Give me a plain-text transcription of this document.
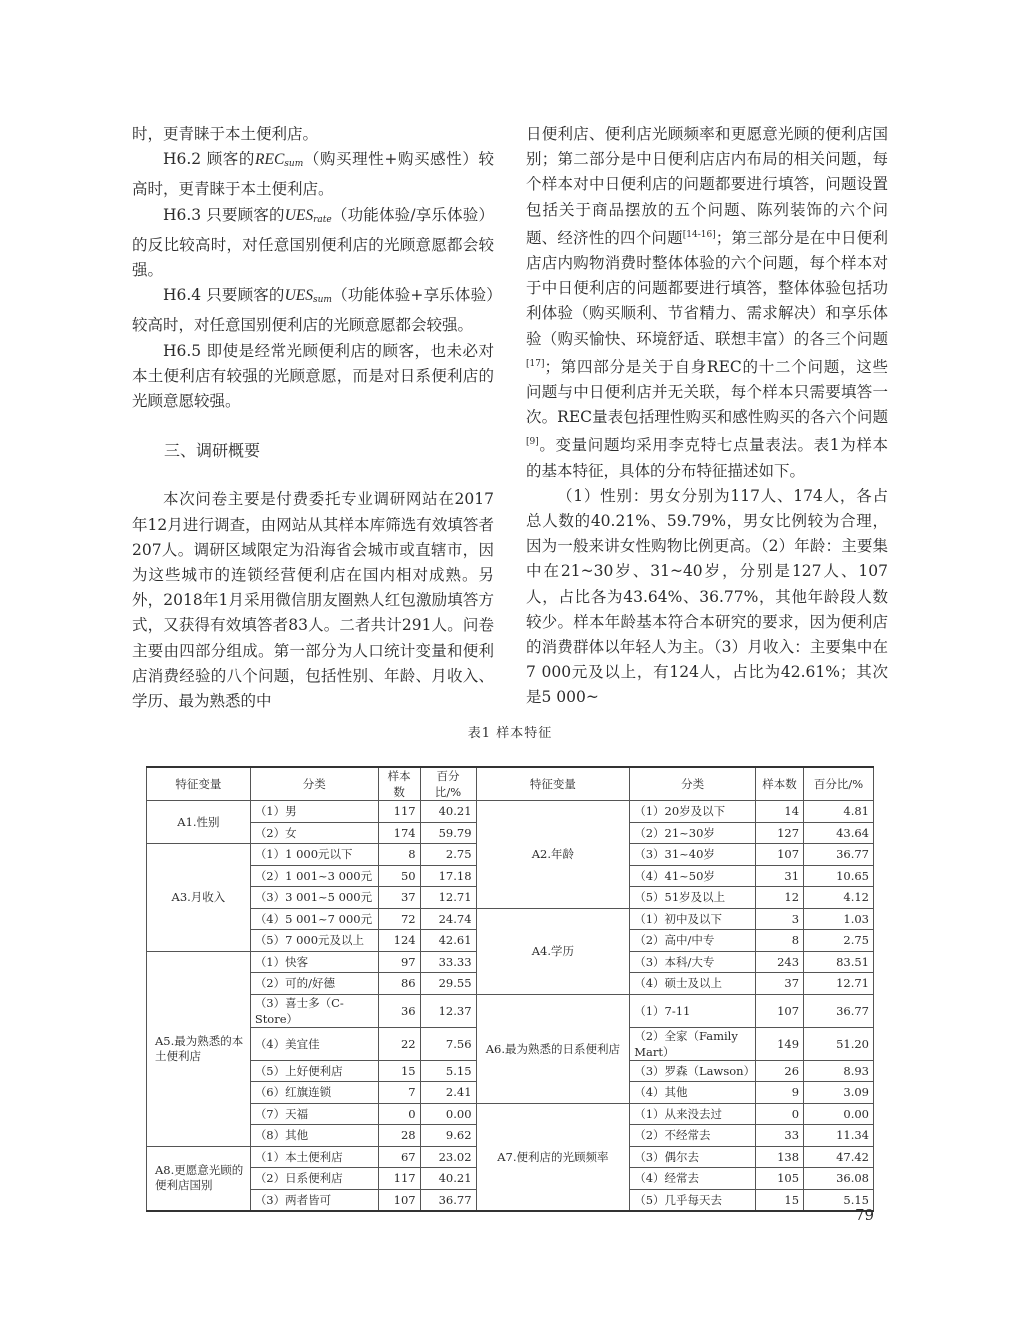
时，更青睐于本土便利店。

H6.2 顾客的$REC_{sum}$（购买理性+购买感性）较高时，更青睐于本土便利店。

H6.3 只要顾客的$UES_{rate}$（功能体验/享乐体验）的反比较高时，对任意国别便利店的光顾意愿都会较强。

H6.4 只要顾客的$UES_{sum}$（功能体验+享乐体验）较高时，对任意国别便利店的光顾意愿都会较强。

H6.5 即使是经常光顾便利店的顾客，也未必对本土便利店有较强的光顾意愿，而是对日系便利店的光顾意愿较强。

三、调研概要

本次问卷主要是付费委托专业调研网站在2017年12月进行调查，由网站从其样本库筛选有效填答者207人。调研区域限定为沿海省会城市或直辖市，因为这些城市的连锁经营便利店在国内相对成熟。另外，2018年1月采用微信朋友圈熟人红包激励填答方式，又获得有效填答者83人。二者共计291人。问卷主要由四部分组成。第一部分为人口统计变量和便利店消费经验的八个问题，包括性别、年龄、月收入、学历、最为熟悉的中

日便利店、便利店光顾频率和更愿意光顾的便利店国别；第二部分是中日便利店店内布局的相关问题，每个样本对中日便利店的问题都要进行填答，问题设置包括关于商品摆放的五个问题、陈列装饰的六个问题、经济性的四个问题[14-16]；第三部分是在中日便利店店内购物消费时整体体验的六个问题，每个样本对于中日便利店的问题都要进行填答，整体体验包括功利体验（购买顺利、节省精力、需求解决）和享乐体验（购买愉快、环境舒适、联想丰富）的各三个问题[17]；第四部分是关于自身REC的十二个问题，这些问题与中日便利店并无关联，每个样本只需要填答一次。REC量表包括理性购买和感性购买的各六个问题[9]。变量问题均采用李克特七点量表法。表1为样本的基本特征，具体的分布特征描述如下。

（1）性别：男女分别为117人、174人，各占总人数的40.21%、59.79%，男女比例较为合理，因为一般来讲女性购物比例更高。（2）年龄：主要集中在21~30岁、31~40岁，分别是127人、107人，占比各为43.64%、36.77%，其他年龄段人数较少。样本年龄基本符合本研究的要求，因为便利店的消费群体以年轻人为主。（3）月收入：主要集中在7 000元及以上，有124人，占比为42.61%；其次是5 000~

表1 样本特征
特征变量	分类	样本数	百分比/%	特征变量	分类	样本数	百分比/%
A1.性别	（1）男	117	40.21	A2.年龄	（1）20岁及以下	14	4.81
	（2）女	174	59.79		（2）21~30岁	127	43.64
A3.月收入	（1）1 000元以下	8	2.75		（3）31~40岁	107	36.77
	（2）1 001~3 000元	50	17.18		（4）41~50岁	31	10.65
	（3）3 001~5 000元	37	12.71		（5）51岁及以上	12	4.12
	（4）5 001~7 000元	72	24.74	A4.学历	（1）初中及以下	3	1.03
	（5）7 000元及以上	124	42.61		（2）高中/中专	8	2.75
A5.最为熟悉的本土便利店	（1）快客	97	33.33		（3）本科/大专	243	83.51
	（2）可的/好德	86	29.55		（4）硕士及以上	37	12.71
	（3）喜士多（C-Store）	36	12.37	A6.最为熟悉的日系便利店	（1）7-11	107	36.77
	（4）美宜佳	22	7.56		（2）全家（Family Mart）	149	51.20
	（5）上好便利店	15	5.15		（3）罗森（Lawson）	26	8.93
	（6）红旗连锁	7	2.41		（4）其他	9	3.09
	（7）天福	0	0.00	A7.便利店的光顾频率	（1）从来没去过	0	0.00
	（8）其他	28	9.62		（2）不经常去	33	11.34
A8.更愿意光顾的便利店国别	（1）本土便利店	67	23.02		（3）偶尔去	138	47.42
	（2）日系便利店	117	40.21		（4）经常去	105	36.08
	（3）两者皆可	107	36.77		（5）几乎每天去	15	5.15
79
